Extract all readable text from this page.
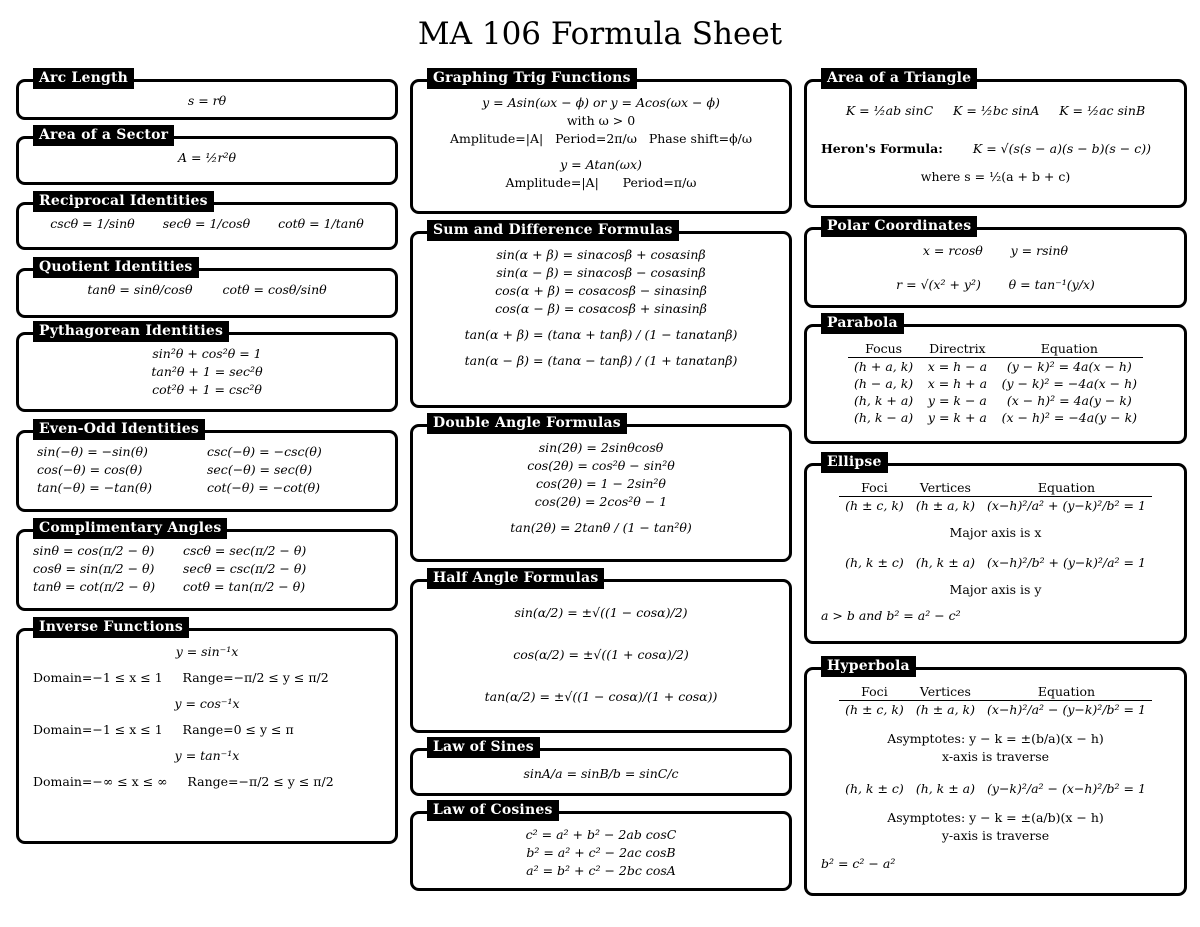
MA 106 Formula Sheet
Arc Length
s = rθ
Area of a Sector
A = ½r²θ
Reciprocal Identities
cscθ = 1/sinθ secθ = 1/cosθ cotθ = 1/tanθ
Quotient Identities
tanθ = sinθ/cosθ cotθ = cosθ/sinθ
Pythagorean Identities
sin²θ + cos²θ = 1
tan²θ + 1 = sec²θ
cot²θ + 1 = csc²θ
Even-Odd Identities
sin(−θ) = −sin(θ)	csc(−θ) = −csc(θ)
cos(−θ) = cos(θ)	sec(−θ) = sec(θ)
tan(−θ) = −tan(θ)	cot(−θ) = −cot(θ)
Complimentary Angles
sinθ = cos(π/2 − θ)	cscθ = sec(π/2 − θ)
cosθ = sin(π/2 − θ)	secθ = csc(π/2 − θ)
tanθ = cot(π/2 − θ)	cotθ = tan(π/2 − θ)
Inverse Functions
y = sin⁻¹x
Domain=−1 ≤ x ≤ 1     Range=−π/2 ≤ y ≤ π/2
y = cos⁻¹x
Domain=−1 ≤ x ≤ 1     Range=0 ≤ y ≤ π
y = tan⁻¹x
Domain=−∞ ≤ x ≤ ∞     Range=−π/2 ≤ y ≤ π/2
Graphing Trig Functions
y = Asin(ωx − ϕ) or y = Acos(ωx − ϕ)
with ω > 0
Amplitude=|A|   Period=2π/ω   Phase shift=ϕ/ω
y = Atan(ωx)
Amplitude=|A|      Period=π/ω
Sum and Difference Formulas
sin(α + β) = sinαcosβ + cosαsinβ
sin(α − β) = sinαcosβ − cosαsinβ
cos(α + β) = cosαcosβ − sinαsinβ
cos(α − β) = cosαcosβ + sinαsinβ
tan(α + β) = (tanα + tanβ) / (1 − tanαtanβ)
tan(α − β) = (tanα − tanβ) / (1 + tanαtanβ)
Double Angle Formulas
sin(2θ) = 2sinθcosθ
cos(2θ) = cos²θ − sin²θ
cos(2θ) = 1 − 2sin²θ
cos(2θ) = 2cos²θ − 1
tan(2θ) = 2tanθ / (1 − tan²θ)
Half Angle Formulas
sin(α/2) = ±√((1 − cosα)/2)
cos(α/2) = ±√((1 + cosα)/2)
tan(α/2) = ±√((1 − cosα)/(1 + cosα))
Law of Sines
sinA/a = sinB/b = sinC/c
Law of Cosines
c² = a² + b² − 2ab cosC
b² = a² + c² − 2ac cosB
a² = b² + c² − 2bc cosA
Area of a Triangle
K = ½ab sinC     K = ½bc sinA     K = ½ac sinB
Heron's Formula: K = √(s(s − a)(s − b)(s − c))
where s = ½(a + b + c)
Polar Coordinates
x = rcosθ       y = rsinθ
r = √(x² + y²)       θ = tan⁻¹(y/x)
Parabola
Focus	Directrix	Equation
(h + a, k)	x = h − a	(y − k)² = 4a(x − h)
(h − a, k)	x = h + a	(y − k)² = −4a(x − h)
(h, k + a)	y = k − a	(x − h)² = 4a(y − k)
(h, k − a)	y = k + a	(x − h)² = −4a(y − k)
Ellipse
Foci	Vertices	Equation
(h ± c, k)	(h ± a, k)	(x−h)²/a² + (y−k)²/b² = 1
Major axis is x
(h, k ± c)	(h, k ± a)	(x−h)²/b² + (y−k)²/a² = 1
Major axis is y
a > b and b² = a² − c²
Hyperbola
Foci	Vertices	Equation
(h ± c, k)	(h ± a, k)	(x−h)²/a² − (y−k)²/b² = 1
Asymptotes: y − k = ±(b/a)(x − h)
x-axis is traverse
(h, k ± c)	(h, k ± a)	(y−k)²/a² − (x−h)²/b² = 1
Asymptotes: y − k = ±(a/b)(x − h)
y-axis is traverse
b² = c² − a²
